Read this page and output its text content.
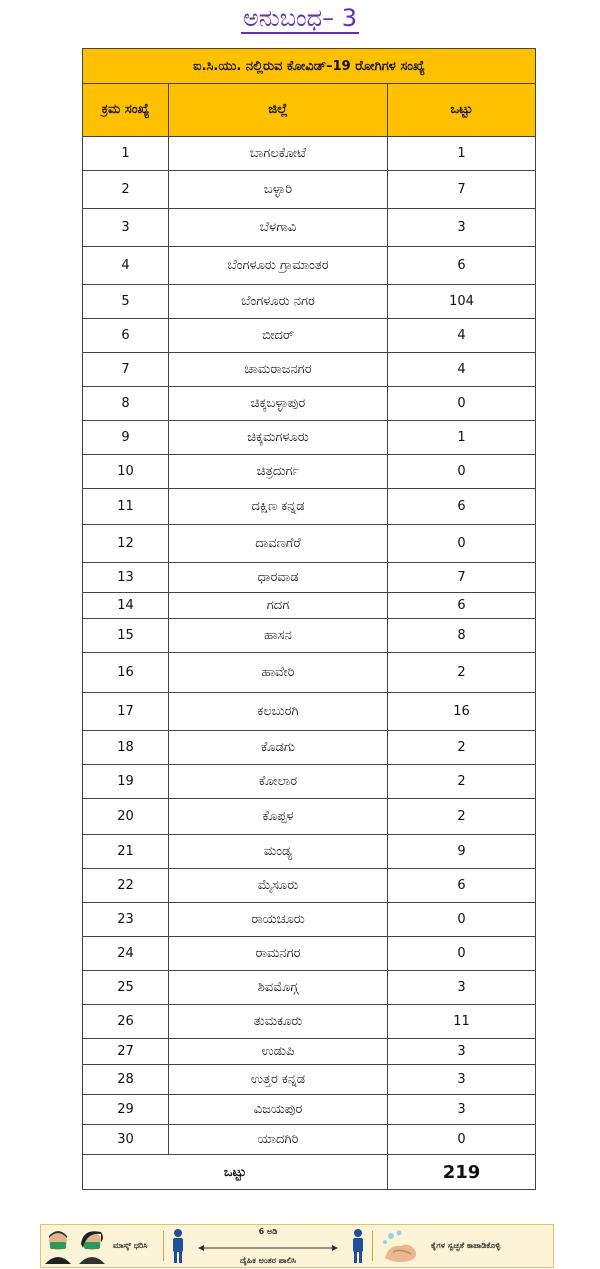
ಅನುಬಂಧ– 3
ಐ.ಸಿ.ಯು. ನಲ್ಲಿರುವ ಕೋವಿಡ್–19 ರೋಗಿಗಳ ಸಂಖ್ಯೆ		
ಕ್ರಮ ಸಂಖ್ಯೆ	ಜಿಲ್ಲೆ	ಒಟ್ಟು
1	ಬಾಗಲಕೋಟೆ	1
2	ಬಳ್ಳಾರಿ	7
3	ಬೆಳಗಾವಿ	3
4	ಬೆಂಗಳೂರು ಗ್ರಾಮಾಂತರ	6
5	ಬೆಂಗಳೂರು ನಗರ	104
6	ಬೀದರ್	4
7	ಚಾಮರಾಜನಗರ	4
8	ಚಿಕ್ಕಬಳ್ಳಾಪುರ	0
9	ಚಿಕ್ಕಮಗಳೂರು	1
10	ಚಿತ್ರದುರ್ಗ	0
11	ದಕ್ಷಿಣ ಕನ್ನಡ	6
12	ದಾವಣಗೆರೆ	0
13	ಧಾರವಾಡ	7
14	ಗದಗ	6
15	ಹಾಸನ	8
16	ಹಾವೇರಿ	2
17	ಕಲಬುರಗಿ	16
18	ಕೊಡಗು	2
19	ಕೋಲಾರ	2
20	ಕೊಪ್ಪಳ	2
21	ಮಂಡ್ಯ	9
22	ಮೈಸೂರು	6
23	ರಾಯಚೂರು	0
24	ರಾಮನಗರ	0
25	ಶಿವಮೊಗ್ಗ	3
26	ತುಮಕೂರು	11
27	ಉಡುಪಿ	3
28	ಉತ್ತರ ಕನ್ನಡ	3
29	ವಿಜಯಪುರ	3
30	ಯಾದಗಿರಿ	0
ಒಟ್ಟು		219
ಮಾಸ್ಕ್ ಧರಿಸಿ
6 ಅಡಿ
ದೈಹಿಕ ಅಂತರ ಪಾಲಿಸಿ
ಕೈಗಳ ಸ್ವಚ್ಛತೆ ಕಾಪಾಡಿಕೊಳ್ಳಿ
